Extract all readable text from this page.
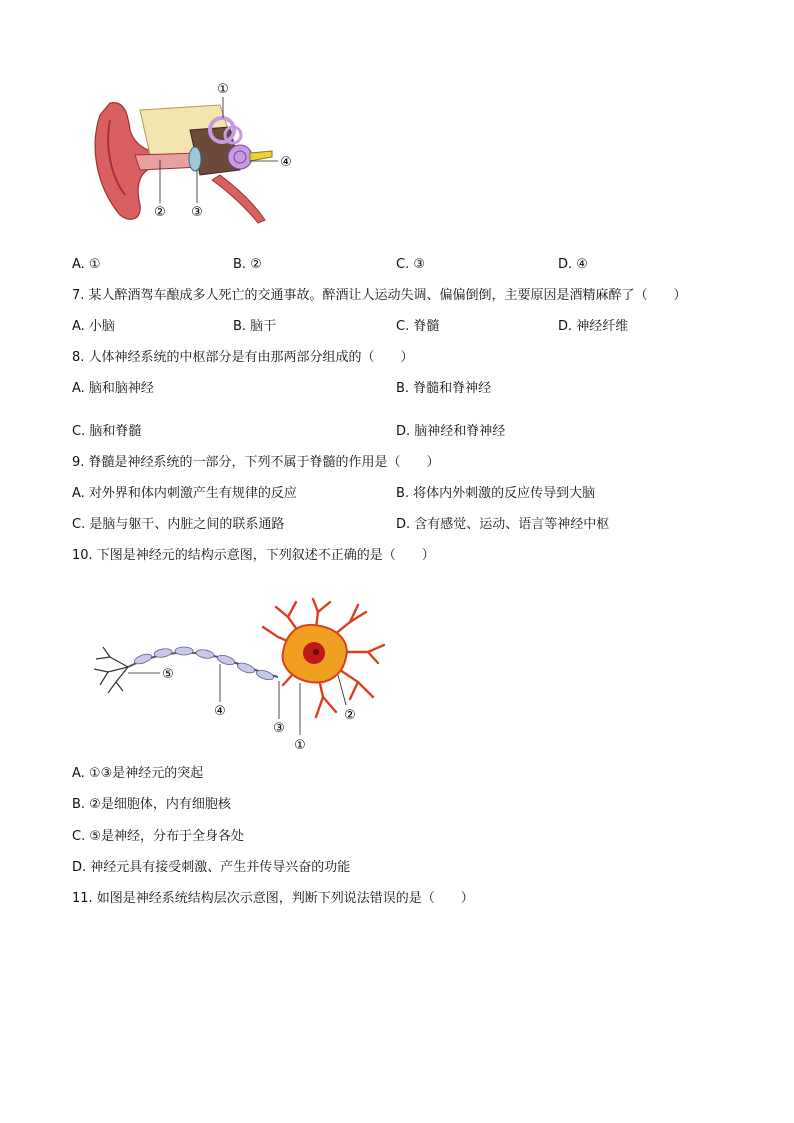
①
④
② ③
A. ①	B. ②	C. ③	D. ④
7. 某人醉酒驾车酿成多人死亡的交通事故。醉酒让人运动失调、偏偏倒倒，主要原因是酒精麻醉了（　　）
A. 小脑	B. 脑干	C. 脊髓	D. 神经纤维
8. 人体神经系统的中枢部分是有由那两部分组成的（　　）
A. 脑和脑神经	B. 脊髓和脊神经
C. 脑和脊髓	D. 脑神经和脊神经
9. 脊髓是神经系统的一部分，下列不属于脊髓的作用是（　　）
A. 对外界和体内刺激产生有规律的反应	B. 将体内外刺激的反应传导到大脑
C. 是脑与躯干、内脏之间的联系通路	D. 含有感觉、运动、语言等神经中枢
10. 下图是神经元的结构示意图，下列叙述不正确的是（　　）
⑤
④
③
①
②
A. ①③是神经元的突起
B. ②是细胞体，内有细胞核
C. ⑤是神经，分布于全身各处
D. 神经元具有接受刺激、产生并传导兴奋的功能
11. 如图是神经系统结构层次示意图，判断下列说法错误的是（　　）
